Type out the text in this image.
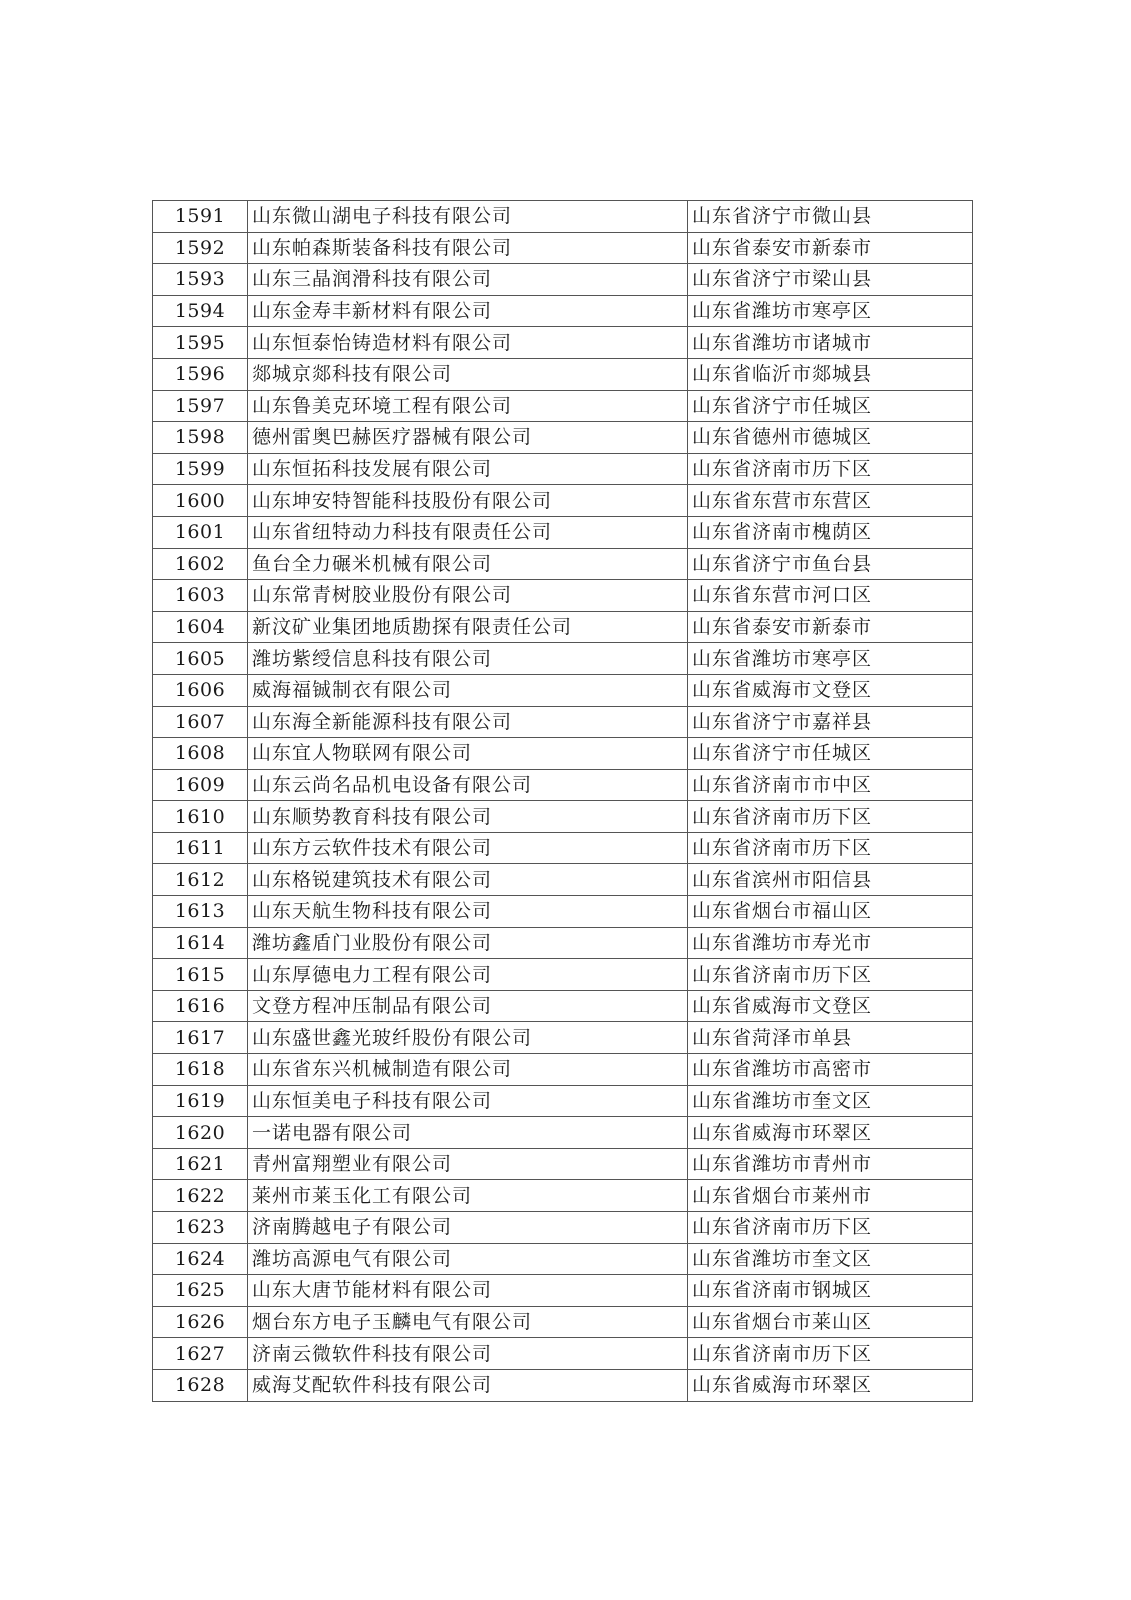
1591	山东微山湖电子科技有限公司	山东省济宁市微山县
1592	山东帕森斯装备科技有限公司	山东省泰安市新泰市
1593	山东三晶润滑科技有限公司	山东省济宁市梁山县
1594	山东金寿丰新材料有限公司	山东省潍坊市寒亭区
1595	山东恒泰怡铸造材料有限公司	山东省潍坊市诸城市
1596	郯城京郯科技有限公司	山东省临沂市郯城县
1597	山东鲁美克环境工程有限公司	山东省济宁市任城区
1598	德州雷奥巴赫医疗器械有限公司	山东省德州市德城区
1599	山东恒拓科技发展有限公司	山东省济南市历下区
1600	山东坤安特智能科技股份有限公司	山东省东营市东营区
1601	山东省纽特动力科技有限责任公司	山东省济南市槐荫区
1602	鱼台全力碾米机械有限公司	山东省济宁市鱼台县
1603	山东常青树胶业股份有限公司	山东省东营市河口区
1604	新汶矿业集团地质勘探有限责任公司	山东省泰安市新泰市
1605	潍坊紫绶信息科技有限公司	山东省潍坊市寒亭区
1606	威海福铖制衣有限公司	山东省威海市文登区
1607	山东海全新能源科技有限公司	山东省济宁市嘉祥县
1608	山东宜人物联网有限公司	山东省济宁市任城区
1609	山东云尚名品机电设备有限公司	山东省济南市市中区
1610	山东顺势教育科技有限公司	山东省济南市历下区
1611	山东方云软件技术有限公司	山东省济南市历下区
1612	山东格锐建筑技术有限公司	山东省滨州市阳信县
1613	山东天航生物科技有限公司	山东省烟台市福山区
1614	潍坊鑫盾门业股份有限公司	山东省潍坊市寿光市
1615	山东厚德电力工程有限公司	山东省济南市历下区
1616	文登方程冲压制品有限公司	山东省威海市文登区
1617	山东盛世鑫光玻纤股份有限公司	山东省菏泽市单县
1618	山东省东兴机械制造有限公司	山东省潍坊市高密市
1619	山东恒美电子科技有限公司	山东省潍坊市奎文区
1620	一诺电器有限公司	山东省威海市环翠区
1621	青州富翔塑业有限公司	山东省潍坊市青州市
1622	莱州市莱玉化工有限公司	山东省烟台市莱州市
1623	济南腾越电子有限公司	山东省济南市历下区
1624	潍坊高源电气有限公司	山东省潍坊市奎文区
1625	山东大唐节能材料有限公司	山东省济南市钢城区
1626	烟台东方电子玉麟电气有限公司	山东省烟台市莱山区
1627	济南云微软件科技有限公司	山东省济南市历下区
1628	威海艾配软件科技有限公司	山东省威海市环翠区
